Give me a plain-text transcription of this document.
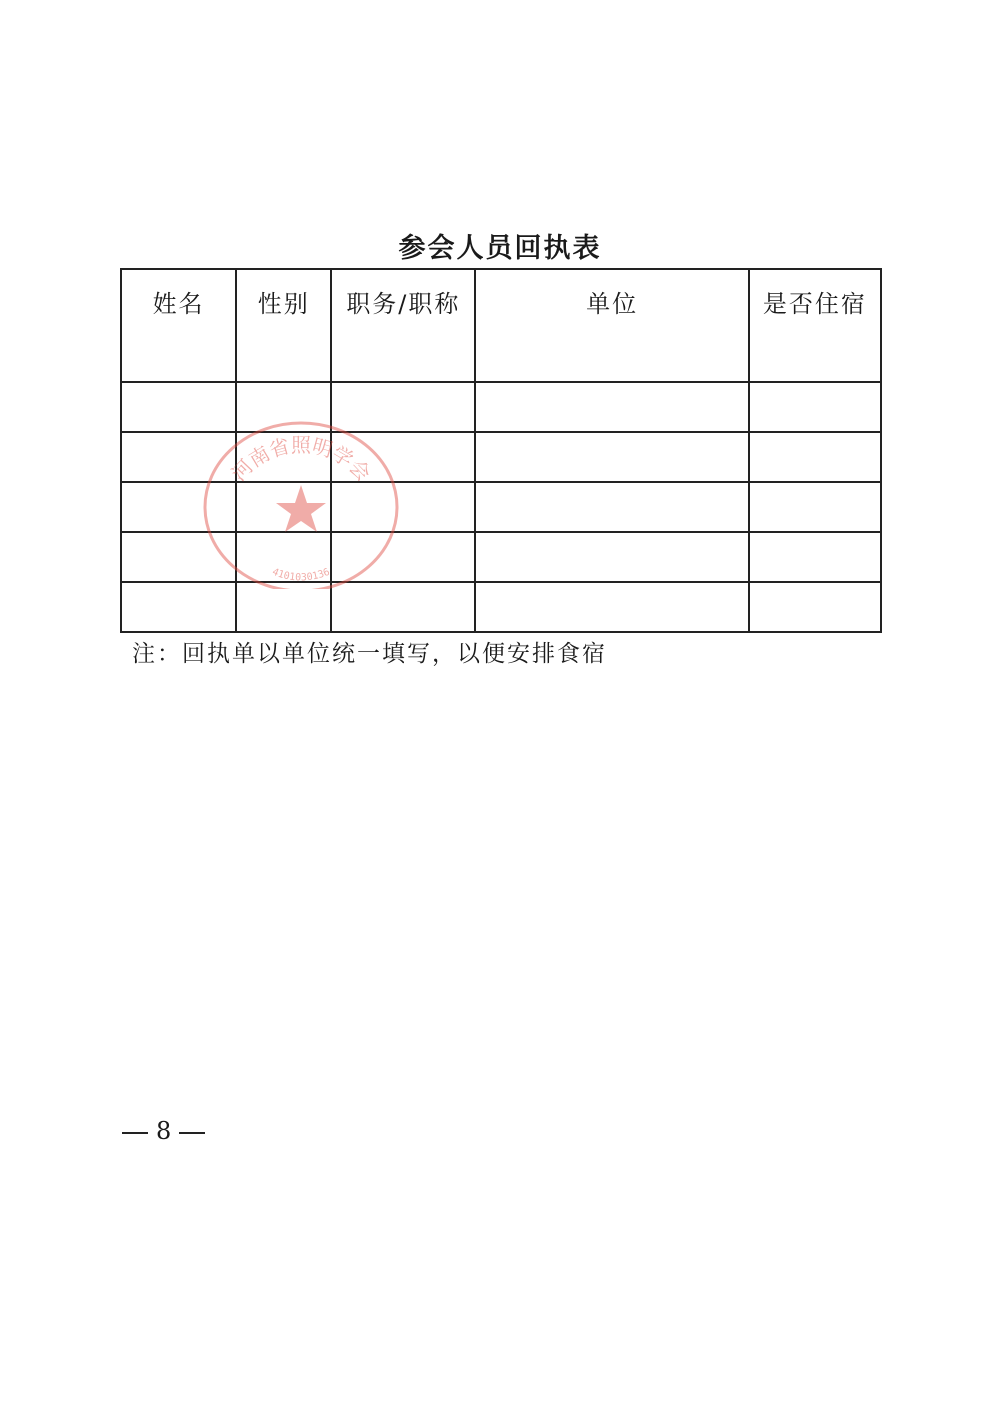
参会人员回执表
姓名	性别	职务/职称	单位	是否住宿

河南省照明学会
4101030136
注：回执单以单位统一填写，以便安排食宿
8
